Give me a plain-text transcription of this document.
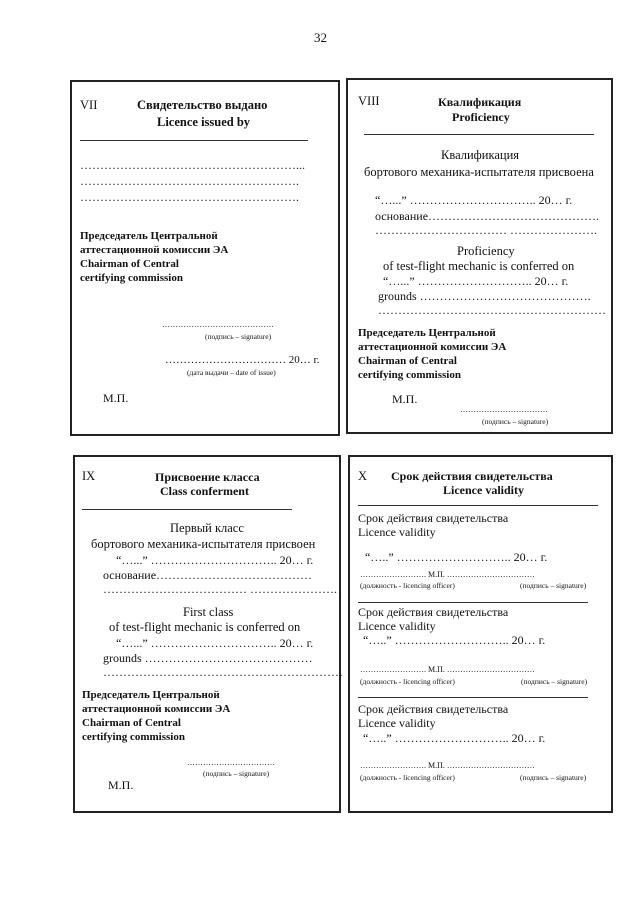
32
VII	Свидетельство выдано
Licence issued by
………………………………………………...
……………………………………………….
……………………………………………….
Председатель Центральной
аттестационной комиссии ЭА
Chairman of Central
certifying commission
……………………………………
(подпись – signature)
…………………………… 20… г.
(дата выдачи – date of issue)
М.П.
VIII	Квалификация
Proficiency
Квалификация
бортового механика-испытателя присвоена
“…...” ………………………….. 20… г.
основание…………………………………….
…………………………… ………………….
Proficiency
of test-flight mechanic is conferred on
“…...” ……………………….. 20… г.
grounds …………………………………….
…………………………………………………
Председатель Центральной
аттестационной комиссии ЭА
Chairman of Central
certifying commission
М.П.
……………………………
(подпись – signature)
IX	Присвоение класса
Class conferment
Первый класс
бортового механика-испытателя присвоен
“…...” ………………………….. 20… г.
основание…………………………………
……………………………… ………………….
First class
of test-flight mechanic is conferred on
“…...” ………………………….. 20… г.
grounds ……………………………………
……………………………………………………
Председатель Центральной
аттестационной комиссии ЭА
Chairman of Central
certifying commission
……………………………
(подпись – signature)
М.П.
X Срок действия свидетельства
Licence validity
Срок действия свидетельства
Licence validity
“…..” ……………………….. 20… г.
……………………. М.П. ……………………………
(должность - licencing officer)	(подпись – signature)
Срок действия свидетельства
Licence validity
“…..” ……………………….. 20… г.
……………………. М.П. ……………………………
(должность - licencing officer)	(подпись – signature)
Срок действия свидетельства
Licence validity
“…..” ……………………….. 20… г.
……………………. М.П. ……………………………
(должность - licencing officer)	(подпись – signature)
